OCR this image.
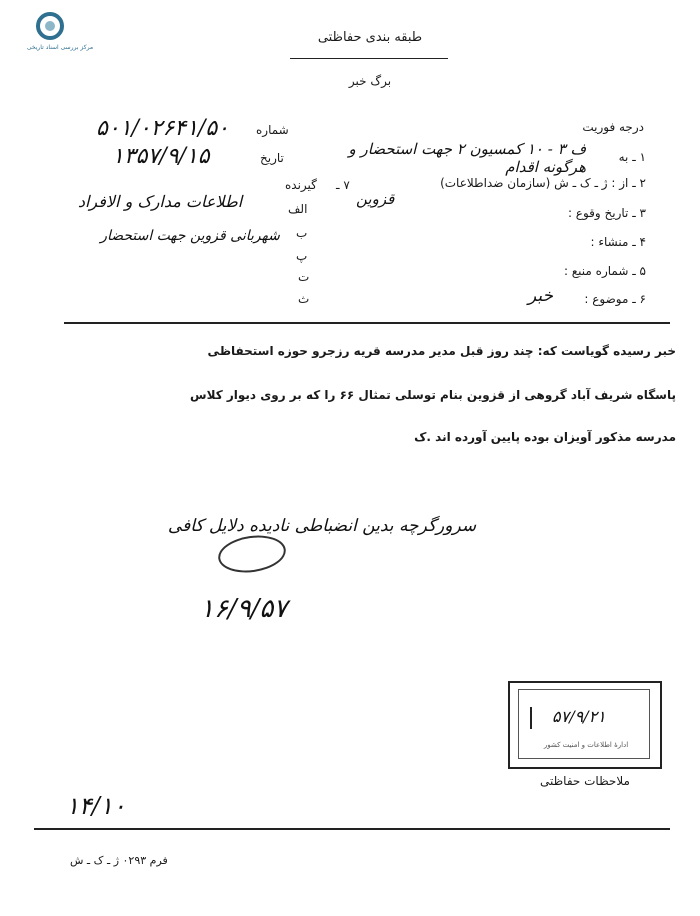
مرکز بررسی اسناد تاریخی
طبقه بندی حفاظتی
برگ خبر
درجه فوریت
شماره
تاریخ
گیرنده ۷ ـ
۵۰۱/۰۲۶۴۱/۵۰
۱۳۵۷/۹/۱۵	ف ۳ - ۱۰ کمسیون ۲ جهت استحضار و هرگونه اقدام
الف
ب
پ
ت
ث
اطلاعات مدارک و الافراد
شهربانی قزوین جهت استحضار
۱ ـ به
۲ ـ از : ژ ـ ک ـ ش (سازمان ضداطلاعات)
۳ ـ تاریخ وقوع :
۴ ـ منشاء :
۵ ـ شماره منبع :
۶ ـ موضوع :
قزوین
خبر
خبر رسیده گویاست که: چند روز قبل مدیر مدرسه قریه رزجرو حوزه استحفاظی
پاسگاه شریف آباد گروهی از قزوین بنام توسلی تمثال ۶۶ را که بر روی دیوار کلاس
مدرسه مذکور آویزان بوده پایین آورده اند .ک
سرورگرچه بدین انضباطی نادیده دلایل کافی
۱۶/۹/۵۷
۵۷/۹/۲۱
ادارهٔ اطلاعات و امنیت کشور
ملاحظات حفاظتی
۱۴/۱۰
فرم ۰۲۹۳ ژ ـ ک ـ ش
